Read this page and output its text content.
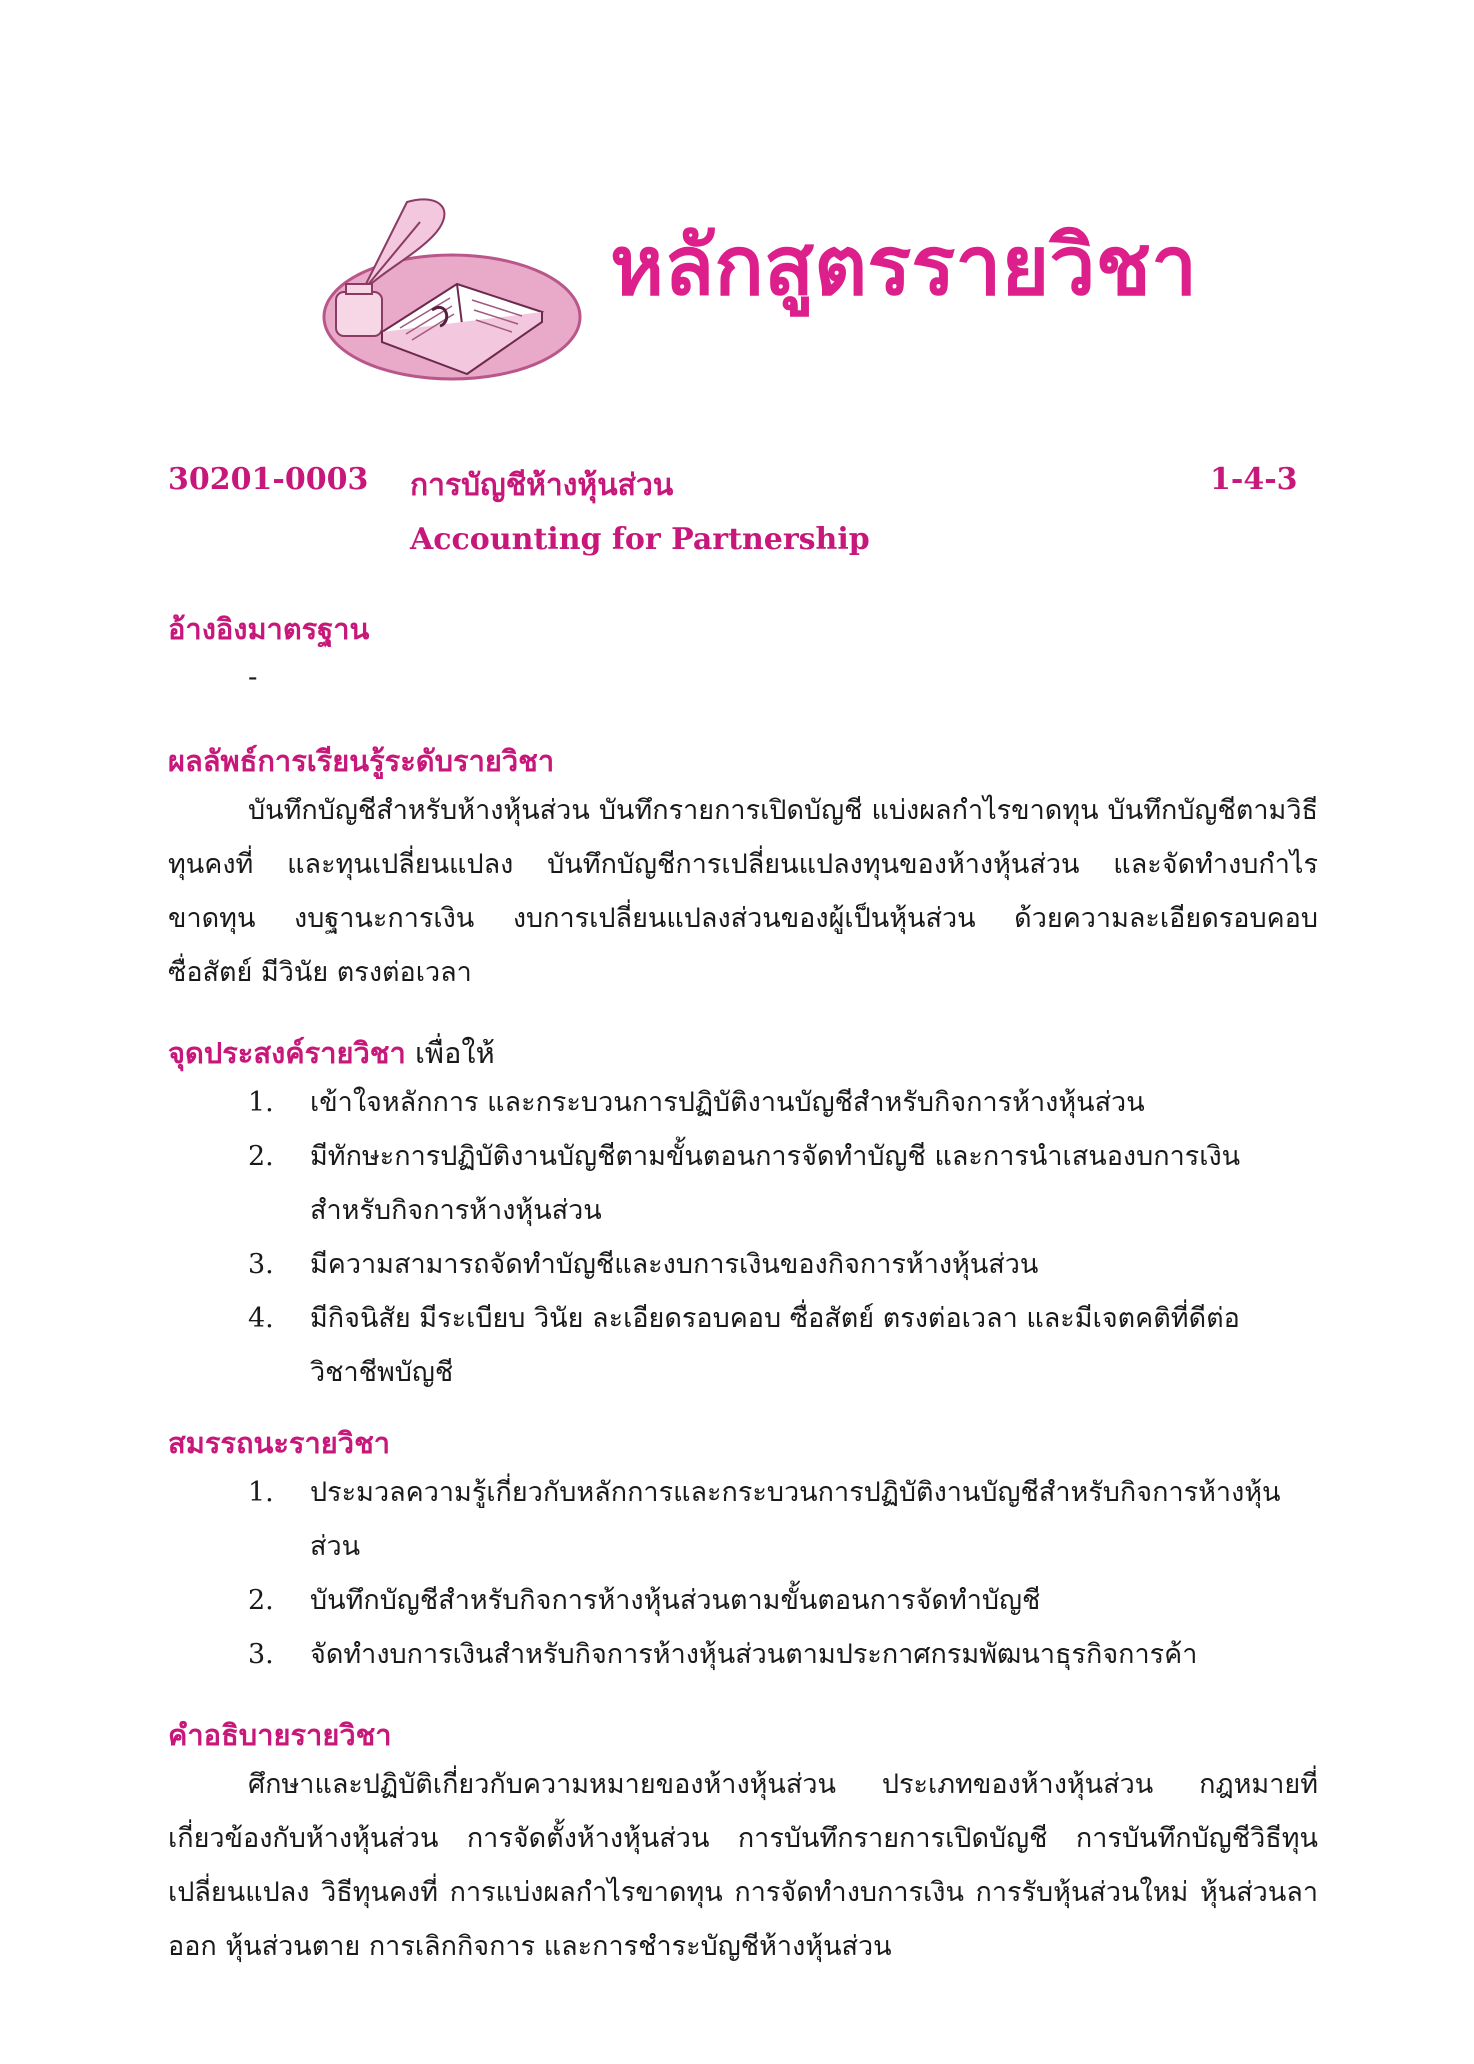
หลักสูตรรายวิชา
30201-0003 การบัญชีห้างหุ้นส่วน	1-4-3
Accounting for Partnership
อ้างอิงมาตรฐาน
-
ผลลัพธ์การเรียนรู้ระดับรายวิชา
บันทึกบัญชีสำหรับห้างหุ้นส่วน บันทึกรายการเปิดบัญชี แบ่งผลกำไรขาดทุน บันทึกบัญชีตามวิธีทุนคงที่ และทุนเปลี่ยนแปลง บันทึกบัญชีการเปลี่ยนแปลงทุนของห้างหุ้นส่วน และจัดทำงบกำไรขาดทุน งบฐานะการเงิน งบการเปลี่ยนแปลงส่วนของผู้เป็นหุ้นส่วน ด้วยความละเอียดรอบคอบ ซื่อสัตย์ มีวินัย ตรงต่อเวลา
จุดประสงค์รายวิชา เพื่อให้
1. เข้าใจหลักการ และกระบวนการปฏิบัติงานบัญชีสำหรับกิจการห้างหุ้นส่วน
2. มีทักษะการปฏิบัติงานบัญชีตามขั้นตอนการจัดทำบัญชี และการนำเสนองบการเงินสำหรับกิจการห้างหุ้นส่วน
3. มีความสามารถจัดทำบัญชีและงบการเงินของกิจการห้างหุ้นส่วน
4. มีกิจนิสัย มีระเบียบ วินัย ละเอียดรอบคอบ ซื่อสัตย์ ตรงต่อเวลา และมีเจตคติที่ดีต่อวิชาชีพบัญชี
สมรรถนะรายวิชา
1. ประมวลความรู้เกี่ยวกับหลักการและกระบวนการปฏิบัติงานบัญชีสำหรับกิจการห้างหุ้นส่วน
2. บันทึกบัญชีสำหรับกิจการห้างหุ้นส่วนตามขั้นตอนการจัดทำบัญชี
3. จัดทำงบการเงินสำหรับกิจการห้างหุ้นส่วนตามประกาศกรมพัฒนาธุรกิจการค้า
คำอธิบายรายวิชา
ศึกษาและปฏิบัติเกี่ยวกับความหมายของห้างหุ้นส่วน ประเภทของห้างหุ้นส่วน กฎหมายที่เกี่ยวข้องกับห้างหุ้นส่วน การจัดตั้งห้างหุ้นส่วน การบันทึกรายการเปิดบัญชี การบันทึกบัญชีวิธีทุนเปลี่ยนแปลง วิธีทุนคงที่ การแบ่งผลกำไรขาดทุน การจัดทำงบการเงิน การรับหุ้นส่วนใหม่ หุ้นส่วนลาออก หุ้นส่วนตาย การเลิกกิจการ และการชำระบัญชีห้างหุ้นส่วน
